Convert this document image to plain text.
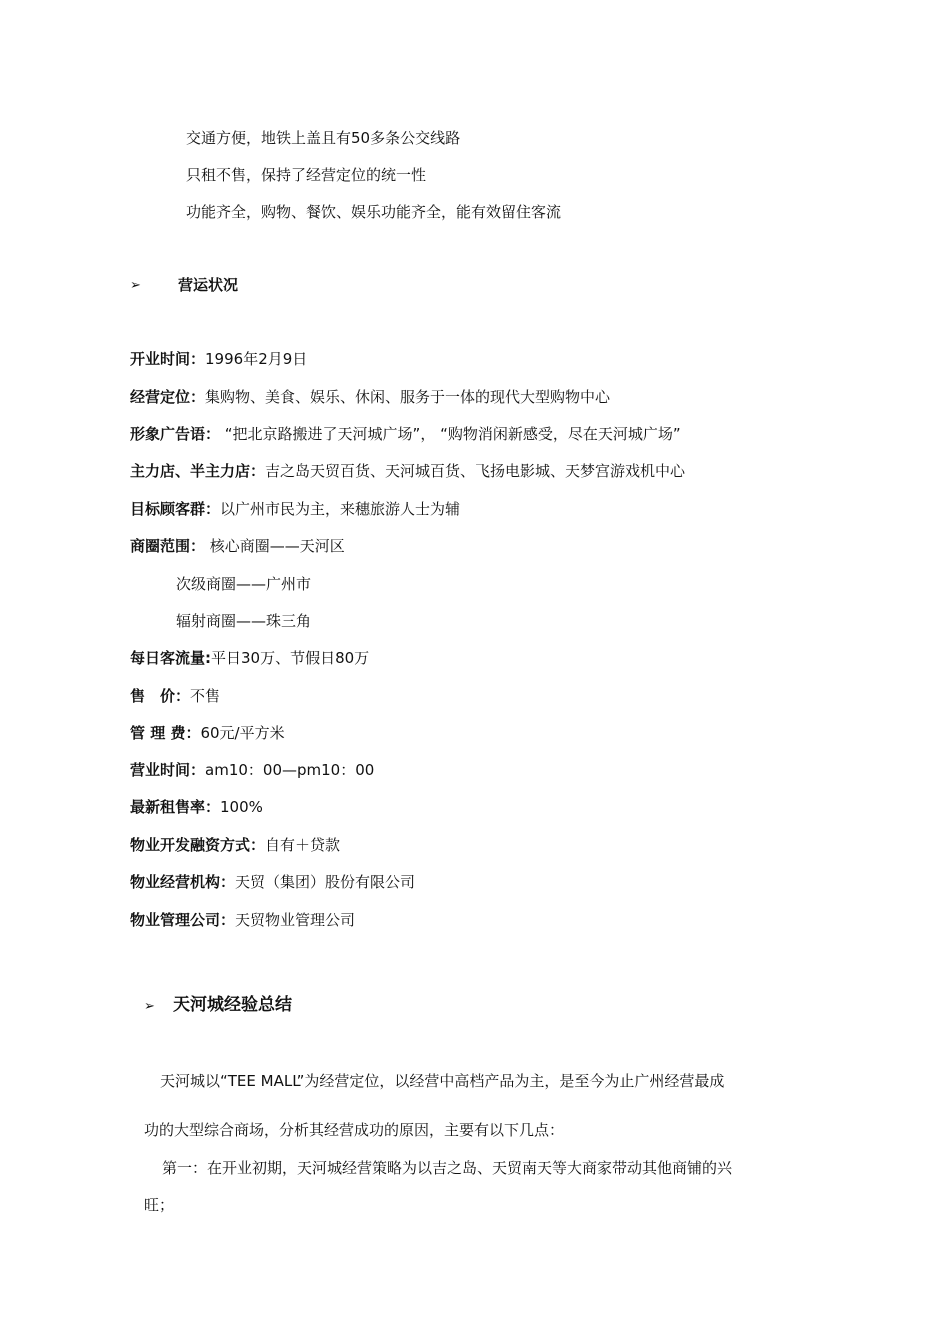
交通方便，地铁上盖且有50多条公交线路
只租不售，保持了经营定位的统一性
功能齐全，购物、餐饮、娱乐功能齐全，能有效留住客流
➢ 营运状况
开业时间：1996年2月9日
经营定位：集购物、美食、娱乐、休闲、服务于一体的现代大型购物中心
形象广告语： “把北京路搬进了天河城广场”， “购物消闲新感受，尽在天河城广场”
主力店、半主力店：吉之岛天贸百货、天河城百货、飞扬电影城、天梦宫游戏机中心
目标顾客群：以广州市民为主，来穗旅游人士为辅
商圈范围： 核心商圈——天河区
次级商圈——广州市
辐射商圈——珠三角
每日客流量:平日30万、节假日80万
售　价：不售
管 理 费：60元/平方米
营业时间：am10：00—pm10：00
最新租售率：100%
物业开发融资方式：自有＋贷款
物业经营机构：天贸（集团）股份有限公司
物业管理公司：天贸物业管理公司
➢ 天河城经验总结
天河城以“TEE MALL”为经营定位，以经营中高档产品为主，是至今为止广州经营最成
功的大型综合商场，分析其经营成功的原因，主要有以下几点：
第一：在开业初期，天河城经营策略为以吉之岛、天贸南天等大商家带动其他商铺的兴
旺；
